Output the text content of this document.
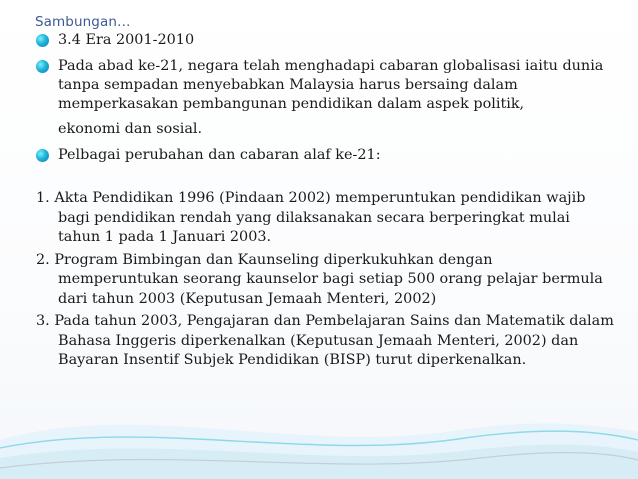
Sambungan…
3.4 Era 2001-2010
Pada abad ke-21, negara telah menghadapi cabaran globalisasi iaitu dunia tanpa sempadan menyebabkan Malaysia harus bersaing dalam memperkasakan pembangunan pendidikan dalam aspek politik,
ekonomi dan sosial.
Pelbagai perubahan dan cabaran alaf ke-21:
1. Akta Pendidikan 1996 (Pindaan 2002) memperuntukan pendidikan wajib bagi pendidikan rendah yang dilaksanakan secara berperingkat mulai tahun 1 pada 1 Januari 2003.
2. Program Bimbingan dan Kaunseling diperkukuhkan dengan memperuntukan seorang kaunselor bagi setiap 500 orang pelajar bermula dari tahun 2003 (Keputusan Jemaah Menteri, 2002)
3. Pada tahun 2003, Pengajaran dan Pembelajaran Sains dan Matematik dalam Bahasa Inggeris diperkenalkan (Keputusan Jemaah Menteri, 2002) dan Bayaran Insentif Subjek Pendidikan (BISP) turut diperkenalkan.
